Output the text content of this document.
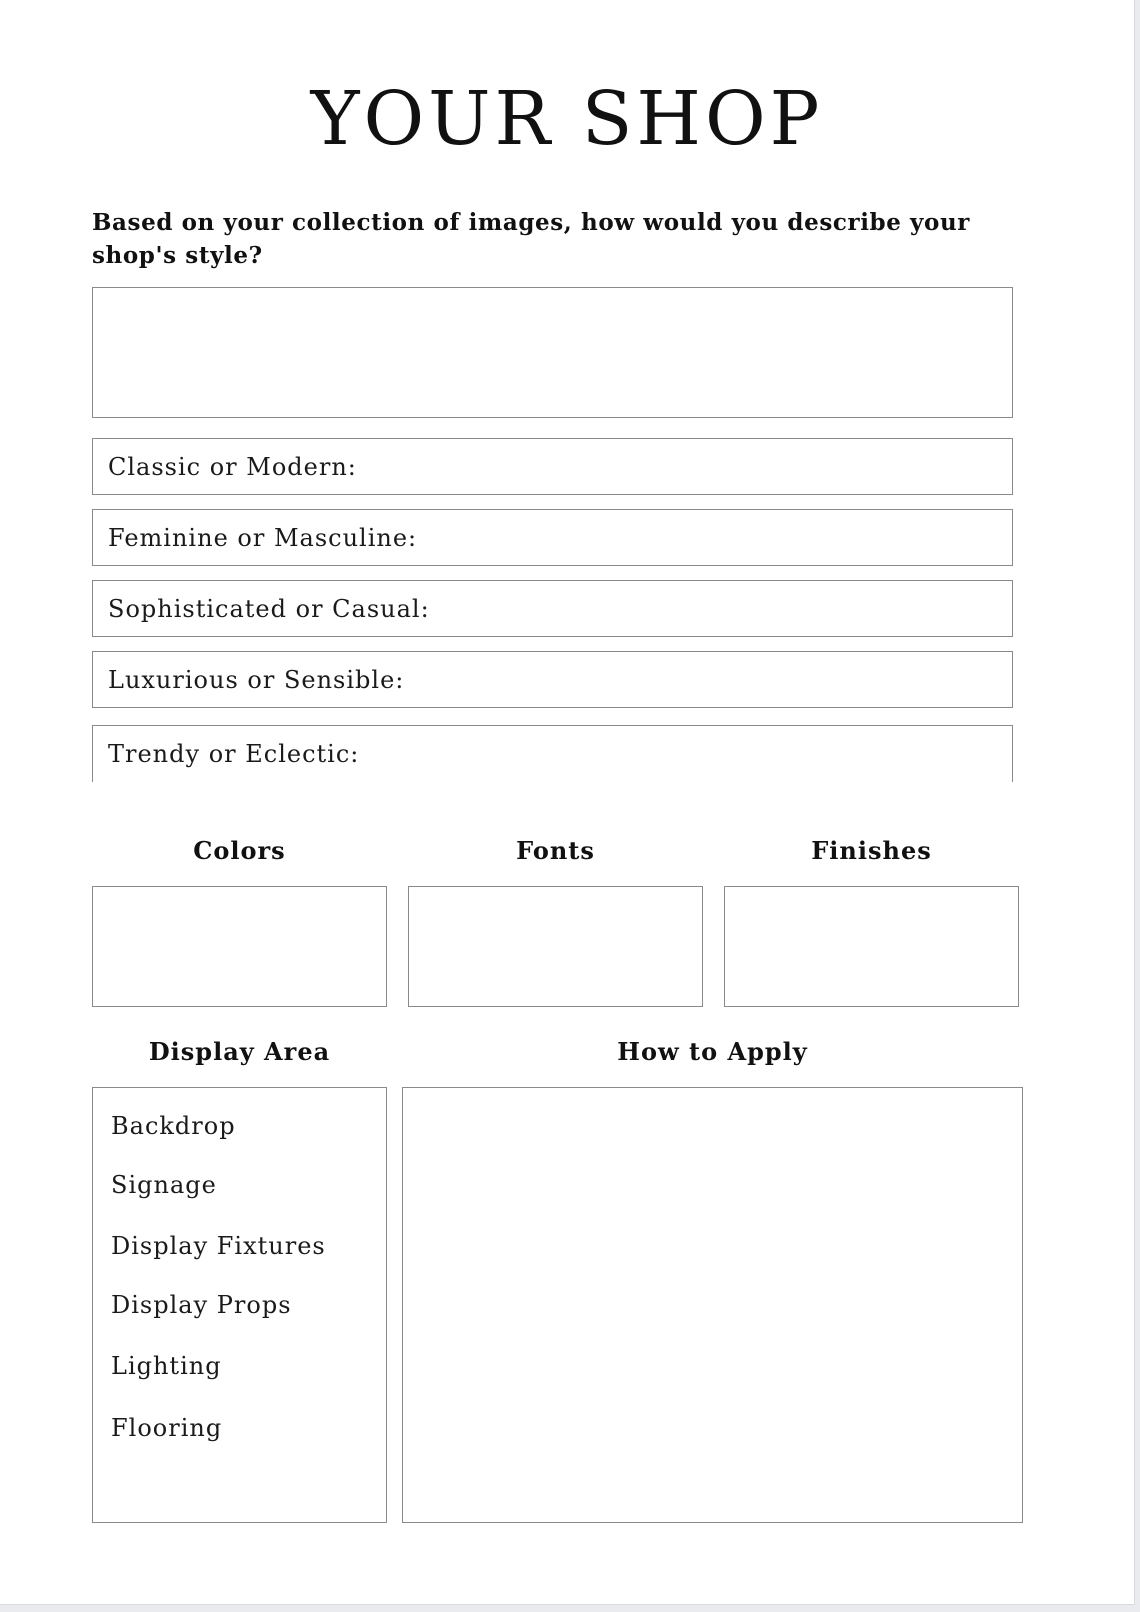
YOUR SHOP
Based on your collection of images, how would you describe your shop's style?
Classic or Modern:
Feminine or Masculine:
Sophisticated or Casual:
Luxurious or Sensible:
Trendy or Eclectic:
Colors	Fonts	Finishes
Display Area	How to Apply
Backdrop
Signage
Display Fixtures
Display Props
Lighting
Flooring
